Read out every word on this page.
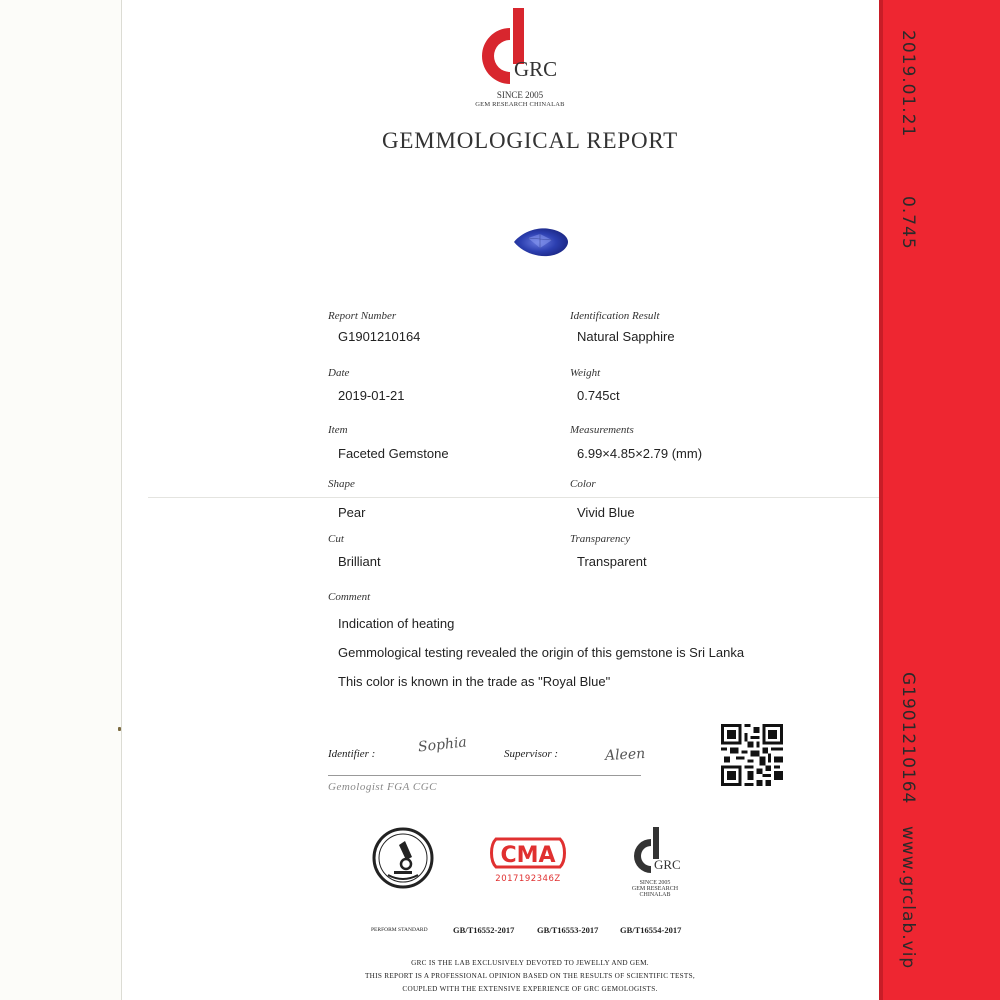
2019.01.21
0.745
G1901210164
www.grclab.vip
GRC
SINCE 2005
GEM RESEARCH CHINALAB
GEMMOLOGICAL REPORT
Report Number
G1901210164
Date
2019-01-21
Item
Faceted Gemstone
Shape
Pear
Cut
Brilliant
Identification Result
Natural Sapphire
Weight
0.745ct
Measurements
6.99×4.85×2.79 (mm)
Color
Vivid Blue
Transparency
Transparent
Comment
Indication of heating
Gemmological testing revealed the origin of this gemstone is Sri Lanka
This color is known in the trade as "Royal Blue"
Identifier :	Sophia	Supervisor :	Aleen
Gemologist FGA CGC
CMA
2017192346Z
GRC
SINCE 2005
GEM RESEARCH CHINALAB
PERFORM STANDARD	GB/T16552-2017	GB/T16553-2017	GB/T16554-2017
GRC IS THE LAB EXCLUSIVELY DEVOTED TO JEWELLY AND GEM.
THIS REPORT IS A PROFESSIONAL OPINION BASED ON THE RESULTS OF SCIENTIFIC TESTS,
COUPLED WITH THE EXTENSIVE EXPERIENCE OF GRC GEMOLOGISTS.
